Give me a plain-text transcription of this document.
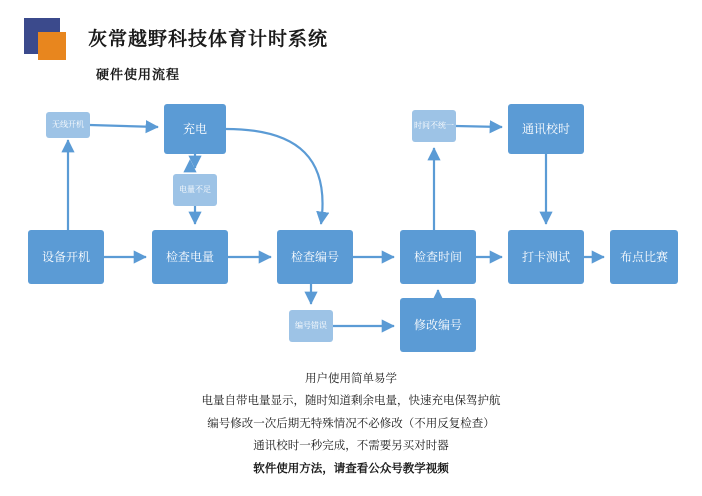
灰常越野科技体育计时系统
硬件使用流程
设备开机	检查电量	检查编号	检查时间	打卡测试	布点比赛
充电	通讯校时
修改编号
无线开机
电量不足
编号错误
时间不统一
用户使用简单易学
电量自带电量显示，随时知道剩余电量，快速充电保驾护航
编号修改一次后期无特殊情况不必修改（不用反复检查）
通讯校时一秒完成，不需要另买对时器
软件使用方法，请查看公众号教学视频
